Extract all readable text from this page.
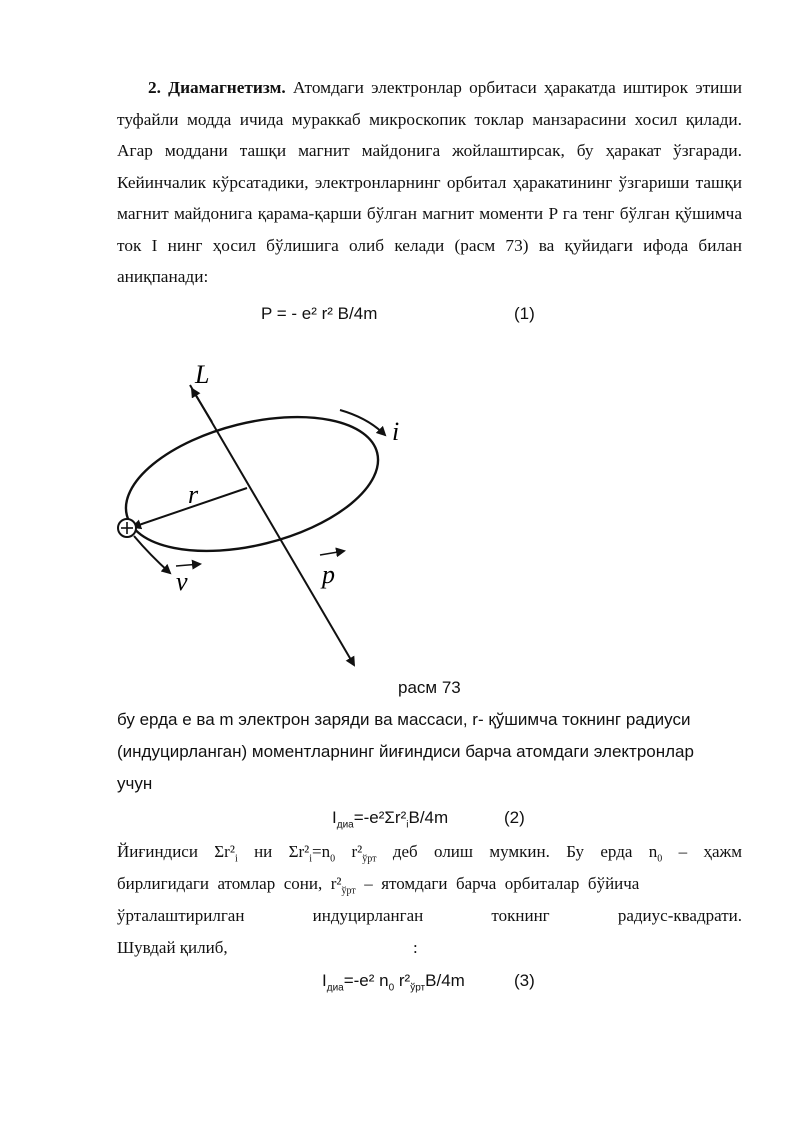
2. Диамагнетизм. Атомдаги электронлар орбитаси ҳаракатда иштирок этиши туфайли модда ичида мураккаб микроскопик токлар манзарасини хосил қилади. Агар моддани ташқи магнит майдонига жойлаштирсак, бу ҳаракат ўзгаради. Кейинчалик кўрсатадики, электронларнинг орбитал ҳаракатининг ўзгариши ташқи магнит майдонига қарама-қарши бўлган магнит моменти P га тенг бўлган қўшимча ток I нинг ҳосил бўлишига олиб келади (расм 73) ва қуйидаги ифода билан аниқпанади:
P = - e² r² B/4m	(1)
L
i
r
p
v
расм 73
бу ерда e ва m электрон заряди ва массаси, r- қўшимча токнинг радиуси
(индуцирланган) моментларнинг йиғиндиси барча атомдаги электронлар
учун
$I_{диа}=-e^2\Sigma r^2_iB/4m$	(2)
Йиғиндиси $\Sigma r^2_i$ ни $\Sigma r^2_i=n_0$ $r^2_{ўрт}$ деб олиш мумкин. Бу ерда $n_0$ – ҳажм
бирлигидаги  атомлар  сони,  $r^2_{ўрт}$  –  ятомдаги  барча  орбиталар  бўйича
ўрталаштирилган	индуцирланган	токнинг	радиус-квадрати.
Шувдай қилиб,	:
$I_{диа}=-e^2$ $n_0$ $r^2_{ўрт}B/4m$	(3)
